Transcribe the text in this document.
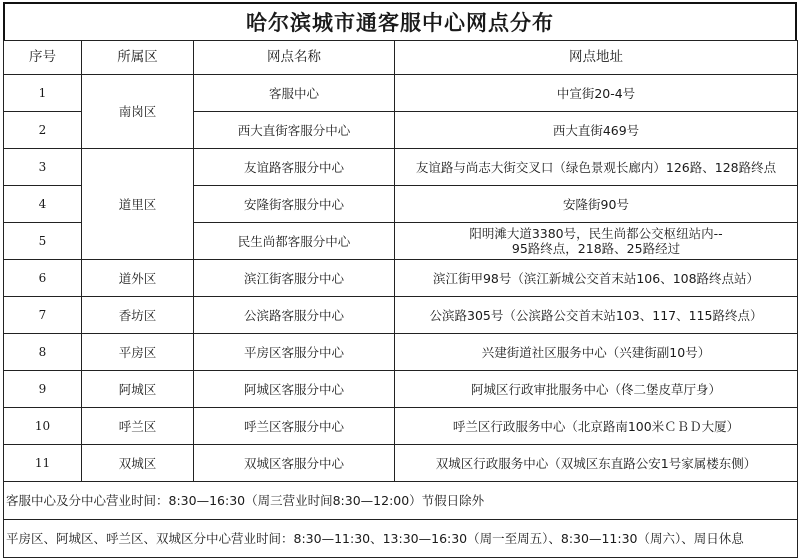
哈尔滨城市通客服中心网点分布
序号	所属区	网点名称	网点地址
1	南岗区	客服中心	中宣街20-4号
2		西大直街客服分中心	西大直街469号
3	道里区	友谊路客服分中心	友谊路与尚志大街交叉口（绿色景观长廊内）126路、128路终点
4		安隆街客服分中心	安隆街90号
5		民生尚都客服分中心	阳明滩大道3380号，民生尚都公交枢纽站内--
95路终点，218路、25路经过

6	道外区	滨江街客服分中心	滨江街甲98号（滨江新城公交首末站106、108路终点站）
7	香坊区	公滨路客服分中心	公滨路305号（公滨路公交首末站103、117、115路终点）
8	平房区	平房区客服分中心	兴建街道社区服务中心（兴建街副10号）
9	阿城区	阿城区客服分中心	阿城区行政审批服务中心（佟二堡皮草厅身）
10	呼兰区	呼兰区客服分中心	呼兰区行政服务中心（北京路南100米ＣＢＤ大厦）
11	双城区	双城区客服分中心	双城区行政服务中心（双城区东直路公安1号家属楼东侧）
客服中心及分中心营业时间：8:30—16:30（周三营业时间8:30—12:00）节假日除外			
平房区、阿城区、呼兰区、双城区分中心营业时间：8:30—11:30、13:30—16:30（周一至周五）、8:30—11:30（周六）、周日休息			
